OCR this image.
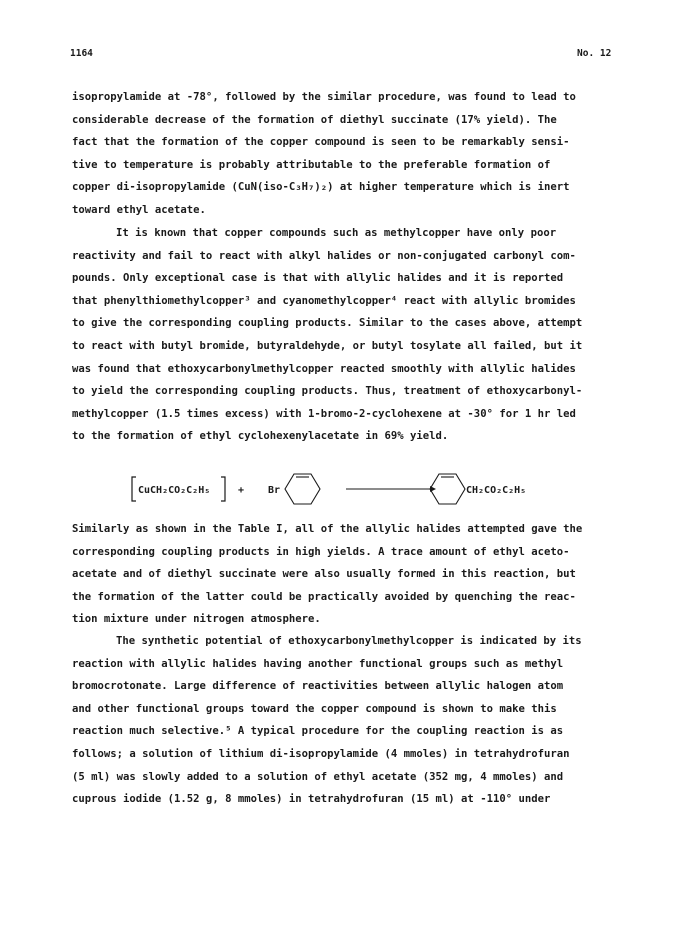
1164	No. 12
isopropylamide at -78°, followed by the similar procedure, was found to lead to
considerable decrease of the formation of diethyl succinate (17% yield). The
fact that the formation of the copper compound is seen to be remarkably sensi-
tive to temperature is probably attributable to the preferable formation of
copper di-isopropylamide (CuN(iso-C₃H₇)₂) at higher temperature which is inert
toward ethyl acetate.
It is known that copper compounds such as methylcopper have only poor
reactivity and fail to react with alkyl halides or non-conjugated carbonyl com-
pounds. Only exceptional case is that with allylic halides and it is reported
that phenylthiomethylcopper³ and cyanomethylcopper⁴ react with allylic bromides
to give the corresponding coupling products. Similar to the cases above, attempt
to react with butyl bromide, butyraldehyde, or butyl tosylate all failed, but it
was found that ethoxycarbonylmethylcopper reacted smoothly with allylic halides
to yield the corresponding coupling products. Thus, treatment of ethoxycarbonyl-
methylcopper (1.5 times excess) with 1-bromo-2-cyclohexene at -30° for 1 hr led
to the formation of ethyl cyclohexenylacetate in 69% yield.
CuCH₂CO₂C₂H₅	+ Br	CH₂CO₂C₂H₅
Similarly as shown in the Table I, all of the allylic halides attempted gave the
corresponding coupling products in high yields. A trace amount of ethyl aceto-
acetate and of diethyl succinate were also usually formed in this reaction, but
the formation of the latter could be practically avoided by quenching the reac-
tion mixture under nitrogen atmosphere.
The synthetic potential of ethoxycarbonylmethylcopper is indicated by its
reaction with allylic halides having another functional groups such as methyl
bromocrotonate. Large difference of reactivities between allylic halogen atom
and other functional groups toward the copper compound is shown to make this
reaction much selective.⁵ A typical procedure for the coupling reaction is as
follows; a solution of lithium di-isopropylamide (4 mmoles) in tetrahydrofuran
(5 ml) was slowly added to a solution of ethyl acetate (352 mg, 4 mmoles) and
cuprous iodide (1.52 g, 8 mmoles) in tetrahydrofuran (15 ml) at -110° under
